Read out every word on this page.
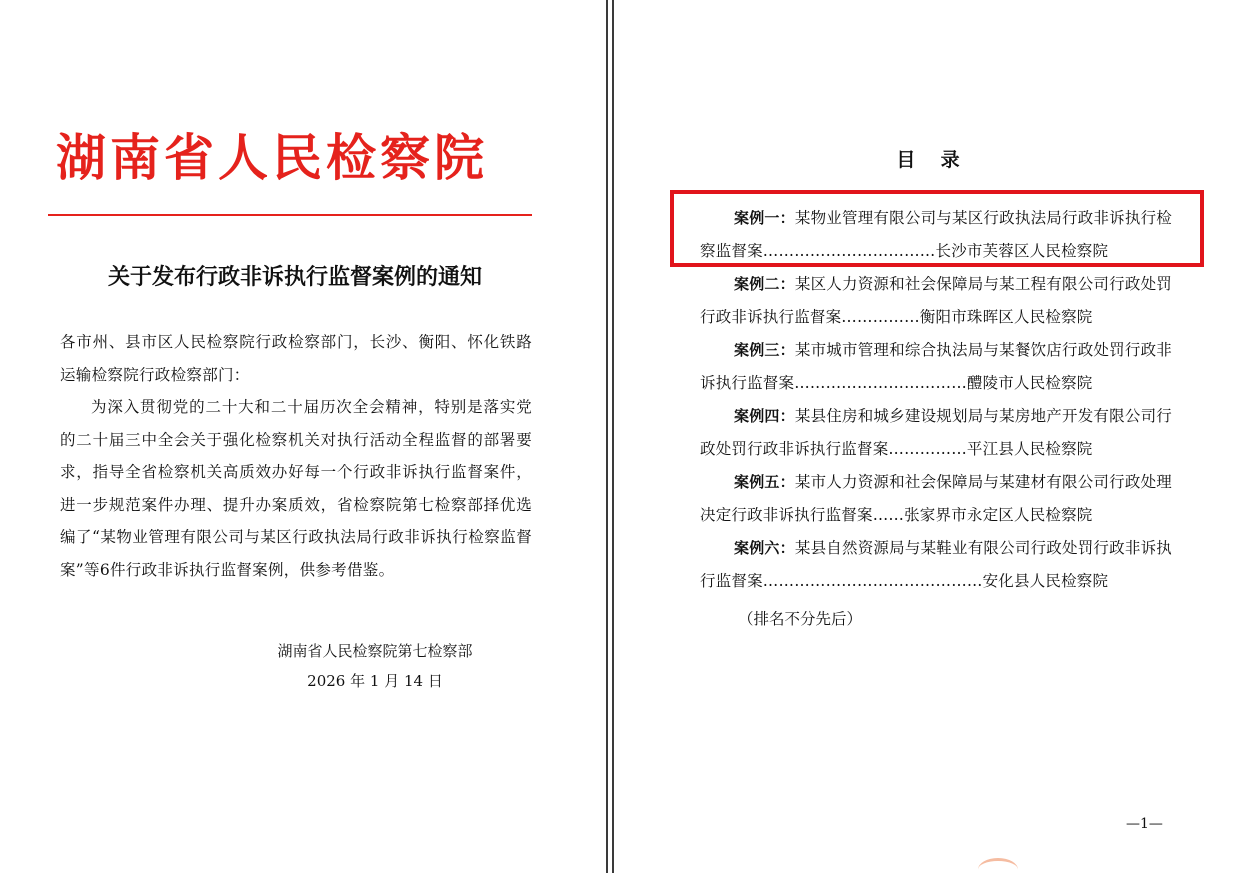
湖南省人民检察院
关于发布行政非诉执行监督案例的通知
各市州、县市区人民检察院行政检察部门，长沙、衡阳、怀化铁路运输检察院行政检察部门：
为深入贯彻党的二十大和二十届历次全会精神，特别是落实党的二十届三中全会关于强化检察机关对执行活动全程监督的部署要求，指导全省检察机关高质效办好每一个行政非诉执行监督案件，进一步规范案件办理、提升办案质效，省检察院第七检察部择优选编了“某物业管理有限公司与某区行政执法局行政非诉执行检察监督案”等6件行政非诉执行监督案例，供参考借鉴。
湖南省人民检察院第七检察部
2026 年 1 月 14 日
目  录
案例一：某物业管理有限公司与某区行政执法局行政非诉执行检察监督案……………………………长沙市芙蓉区人民检察院
案例二：某区人力资源和社会保障局与某工程有限公司行政处罚行政非诉执行监督案……………衡阳市珠晖区人民检察院
案例三：某市城市管理和综合执法局与某餐饮店行政处罚行政非诉执行监督案……………………………醴陵市人民检察院
案例四：某县住房和城乡建设规划局与某房地产开发有限公司行政处罚行政非诉执行监督案……………平江县人民检察院
案例五：某市人力资源和社会保障局与某建材有限公司行政处理决定行政非诉执行监督案……张家界市永定区人民检察院
案例六：某县自然资源局与某鞋业有限公司行政处罚行政非诉执行监督案……………………………………安化县人民检察院
（排名不分先后）
—1—
